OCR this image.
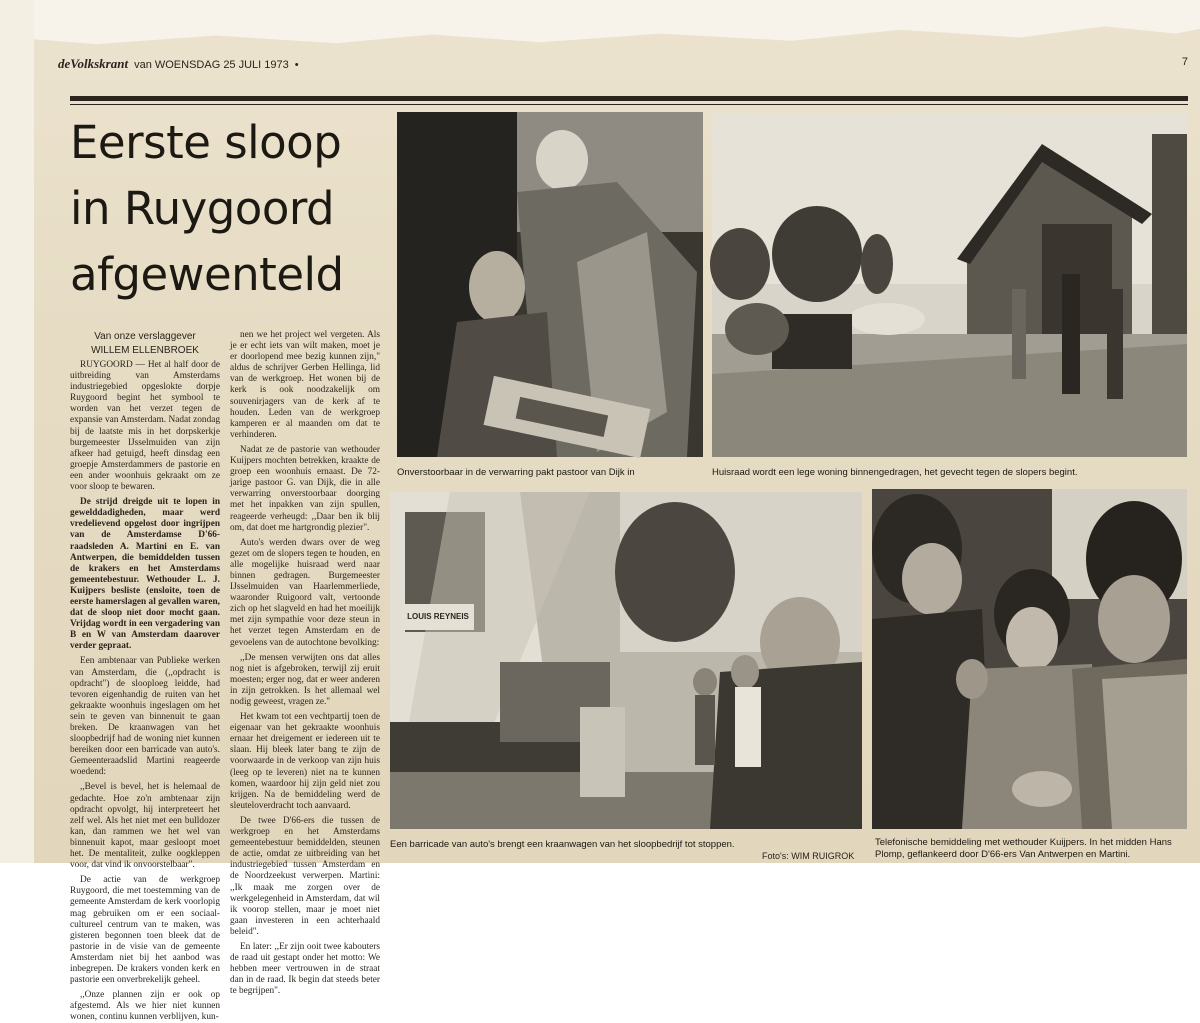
deVolkskrant van WOENSDAG 25 JULI 1973 •	7
Eerste sloop
in Ruygoord
afgewenteld
Van onze verslaggever
WILLEM ELLENBROEK

RUYGOORD — Het al half door de uitbreiding van Amsterdams industriegebied opgeslokte dorpje Ruygoord begint het symbool te worden van het verzet tegen de expansie van Amsterdam. Nadat zondag bij de laatste mis in het dorpskerkje burgemeester IJsselmuiden van zijn afkeer had getuigd, heeft dinsdag een groepje Amsterdammers de pastorie en een ander woonhuis gekraakt om ze voor sloop te bewaren.

De strijd dreigde uit te lopen in gewelddadigheden, maar werd vredelievend opgelost door ingrijpen van de Amsterdamse D'66-raadsleden A. Martini en E. van Antwerpen, die bemiddelden tussen de krakers en het Amsterdams gemeentebestuur. Wethouder L. J. Kuijpers besliste (ensloite, toen de eerste hamerslagen al gevallen waren, dat de sloop niet door mocht gaan. Vrijdag wordt in een vergadering van B en W van Amsterdam daarover verder gepraat.

Een ambtenaar van Publieke werken van Amsterdam, die (,,opdracht is opdracht") de slooploeg leidde, had tevoren eigenhandig de ruiten van het gekraakte woonhuis ingeslagen om het sein te geven van binnenuit te gaan breken. De kraanwagen van het sloopbedrijf had de woning niet kunnen bereiken door een barricade van auto's. Gemeenteraadslid Martini reageerde woedend:

,,Bevel is bevel, het is helemaal de gedachte. Hoe zo'n ambtenaar zijn opdracht opvolgt, hij interpreteert het zelf wel. Als het niet met een bulldozer kan, dan rammen we het wel van binnenuit kapot, maar gesloopt moet het. De mentaliteit, zulke oogkleppen voor, dat vind ik onvoorstelbaar".

De actie van de werkgroep Ruygoord, die met toestemming van de gemeente Amsterdam de kerk voorlopig mag gebruiken om er een sociaal-cultureel centrum van te maken, was gisteren begonnen toen bleek dat de pastorie in de visie van de gemeente Amsterdam niet bij het aanbod was inbegrepen. De krakers vonden kerk en pastorie een onverbrekelijk geheel.

,,Onze plannen zijn er ook op afgestemd. Als we hier niet kunnen wonen, continu kunnen verblijven, kun-

nen we het project wel vergeten. Als je er echt iets van wilt maken, moet je er doorlopend mee bezig kunnen zijn," aldus de schrijver Gerben Hellinga, lid van de werkgroep. Het wonen bij de kerk is ook noodzakelijk om souvenirjagers van de kerk af te houden. Leden van de werkgroep kamperen er al maanden om dat te verhinderen.

Nadat ze de pastorie van wethouder Kuijpers mochten betrekken, kraakte de groep een woonhuis ernaast. De 72-jarige pastoor G. van Dijk, die in alle verwarring onverstoorbaar doorging met het inpakken van zijn spullen, reageerde verheugd: ,,Daar ben ik blij om, dat doet me hartgrondig plezier".

Auto's werden dwars over de weg gezet om de slopers tegen te houden, en alle mogelijke huisraad werd naar binnen gedragen. Burgemeester IJsselmuiden van Haarlemmerliede, waaronder Ruigoord valt, vertoonde zich op het slagveld en had het moeilijk met zijn sympathie voor deze steun in het verzet tegen Amsterdam en de gevoelens van de autochtone bevolking:

,,De mensen verwijten ons dat alles nog niet is afgebroken, terwijl zij eruit moesten; erger nog, dat er weer anderen in zijn getrokken. Is het allemaal wel nodig geweest, vragen ze."

Het kwam tot een vechtpartij toen de eigenaar van het gekraakte woonhuis ernaar het dreigement er iedereen uit te slaan. Hij bleek later bang te zijn de voorwaarde in de verkoop van zijn huis (leeg op te leveren) niet na te kunnen komen, waardoor hij zijn geld niet zou krijgen. Na de bemiddeling werd de sleuteloverdracht toch aanvaard.

De twee D'66-ers die tussen de werkgroep en het Amsterdams gemeentebestuur bemiddelden, steunen de actie, omdat ze uitbreiding van het industriegebied tussen Amsterdam en de Noordzeekust verwerpen. Martini: ,,Ik maak me zorgen over de werkgelegenheid in Amsterdam, dat wil ik voorop stellen, maar je moet niet gaan investeren in een achterhaald beleid".

En later: ,,Er zijn ooit twee kabouters de raad uit gestapt onder het motto: We hebben meer vertrouwen in de straat dan in de raad. Ik begin dat steeds beter te begrijpen".

Onverstoorbaar in de verwarring pakt pastoor van Dijk in	Huisraad wordt een lege woning binnengedragen, het gevecht tegen de slopers begint.
LOUIS REYNEIS
Een barricade van auto's brengt een kraanwagen van het sloopbedrijf tot stoppen.	Telefonische bemiddeling met wethouder Kuijpers. In het midden Hans Plomp, geflankeerd door D'66-ers Van Antwerpen en Martini.
Foto's: WIM RUIGROK
